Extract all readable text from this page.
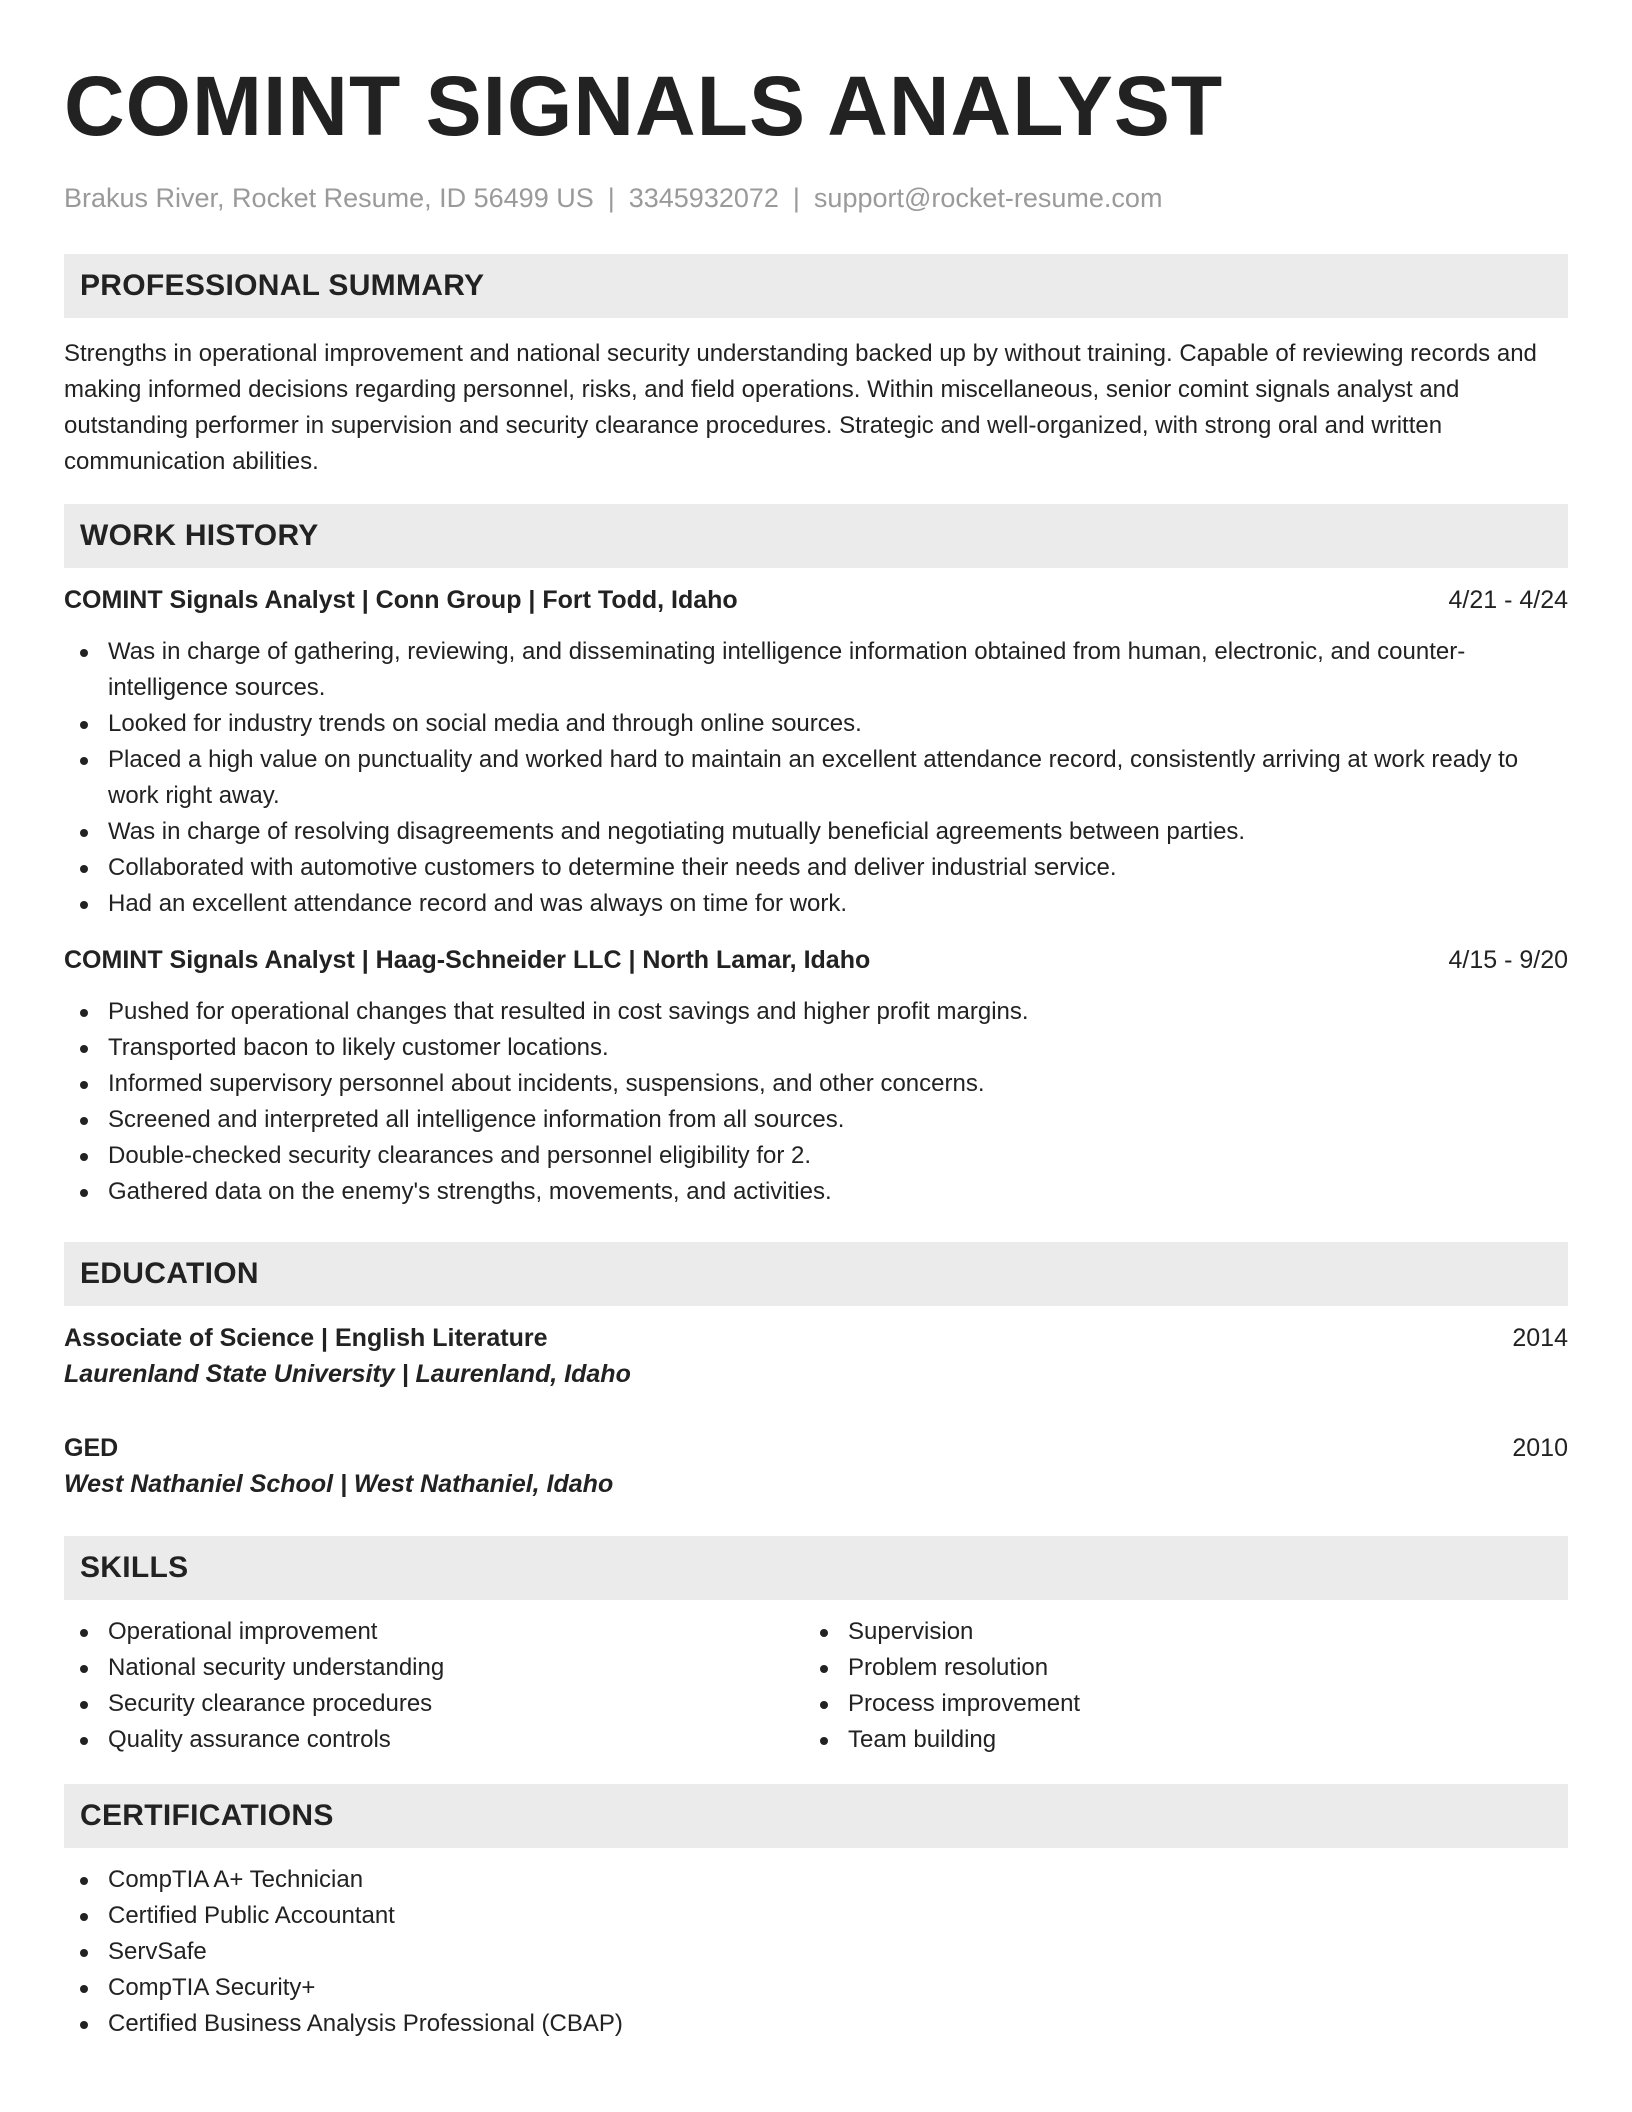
COMINT SIGNALS ANALYST
Brakus River, Rocket Resume, ID 56499 US | 3345932072 | support@rocket-resume.com
PROFESSIONAL SUMMARY
Strengths in operational improvement and national security understanding backed up by without training. Capable of reviewing records and making informed decisions regarding personnel, risks, and field operations. Within miscellaneous, senior comint signals analyst and outstanding performer in supervision and security clearance procedures. Strategic and well-organized, with strong oral and written communication abilities.
WORK HISTORY
COMINT Signals Analyst | Conn Group | Fort Todd, Idaho	4/21 - 4/24
Was in charge of gathering, reviewing, and disseminating intelligence information obtained from human, electronic, and counter-intelligence sources.
Looked for industry trends on social media and through online sources.
Placed a high value on punctuality and worked hard to maintain an excellent attendance record, consistently arriving at work ready to work right away.
Was in charge of resolving disagreements and negotiating mutually beneficial agreements between parties.
Collaborated with automotive customers to determine their needs and deliver industrial service.
Had an excellent attendance record and was always on time for work.
COMINT Signals Analyst | Haag-Schneider LLC | North Lamar, Idaho	4/15 - 9/20
Pushed for operational changes that resulted in cost savings and higher profit margins.
Transported bacon to likely customer locations.
Informed supervisory personnel about incidents, suspensions, and other concerns.
Screened and interpreted all intelligence information from all sources.
Double-checked security clearances and personnel eligibility for 2.
Gathered data on the enemy's strengths, movements, and activities.
EDUCATION
Associate of Science | English Literature	2014
Laurenland State University | Laurenland, Idaho
GED	2010
West Nathaniel School | West Nathaniel, Idaho
SKILLS
Operational improvement
National security understanding
Security clearance procedures
Quality assurance controls
Supervision
Problem resolution
Process improvement
Team building
CERTIFICATIONS
CompTIA A+ Technician
Certified Public Accountant
ServSafe
CompTIA Security+
Certified Business Analysis Professional (CBAP)
